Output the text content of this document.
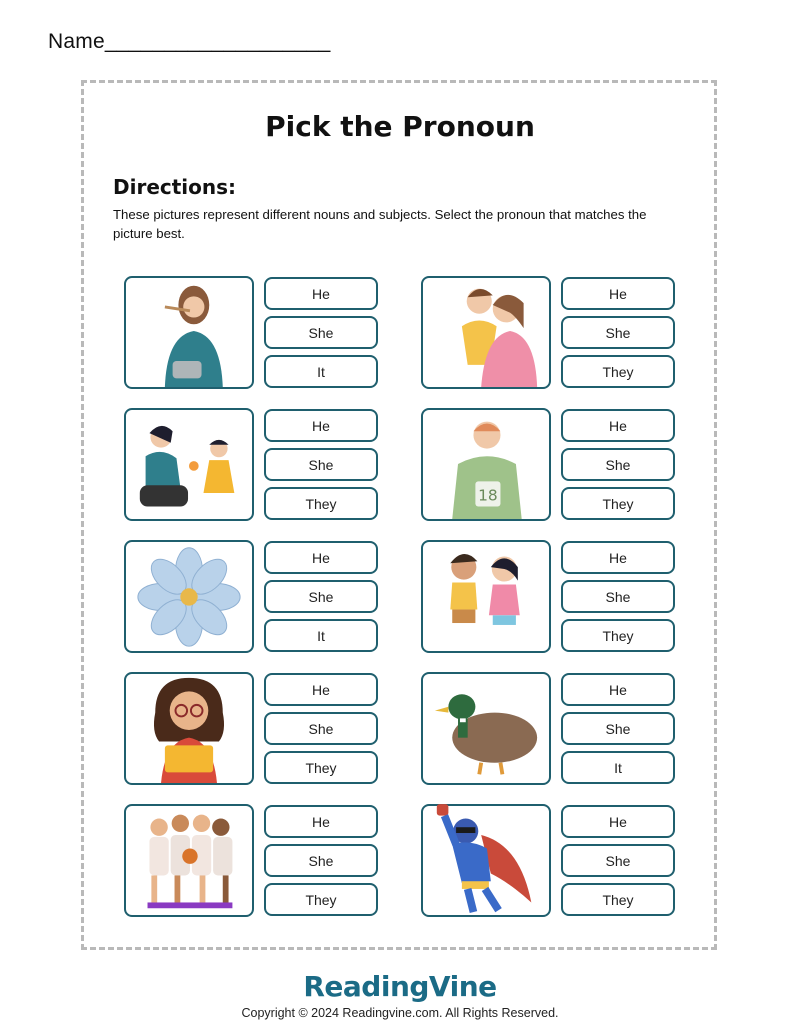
Name___________________
Pick the Pronoun
Directions:
These pictures represent different nouns and subjects. Select the pronoun that matches the picture best.
He
She
It
He
She
They
He
She
They	18
He
She
They
He
She
It
He
She
They
He
She
They
He
She
It
He
She
They
He
She
They
ReadingVine
Copyright © 2024 Readingvine.com. All Rights Reserved.
